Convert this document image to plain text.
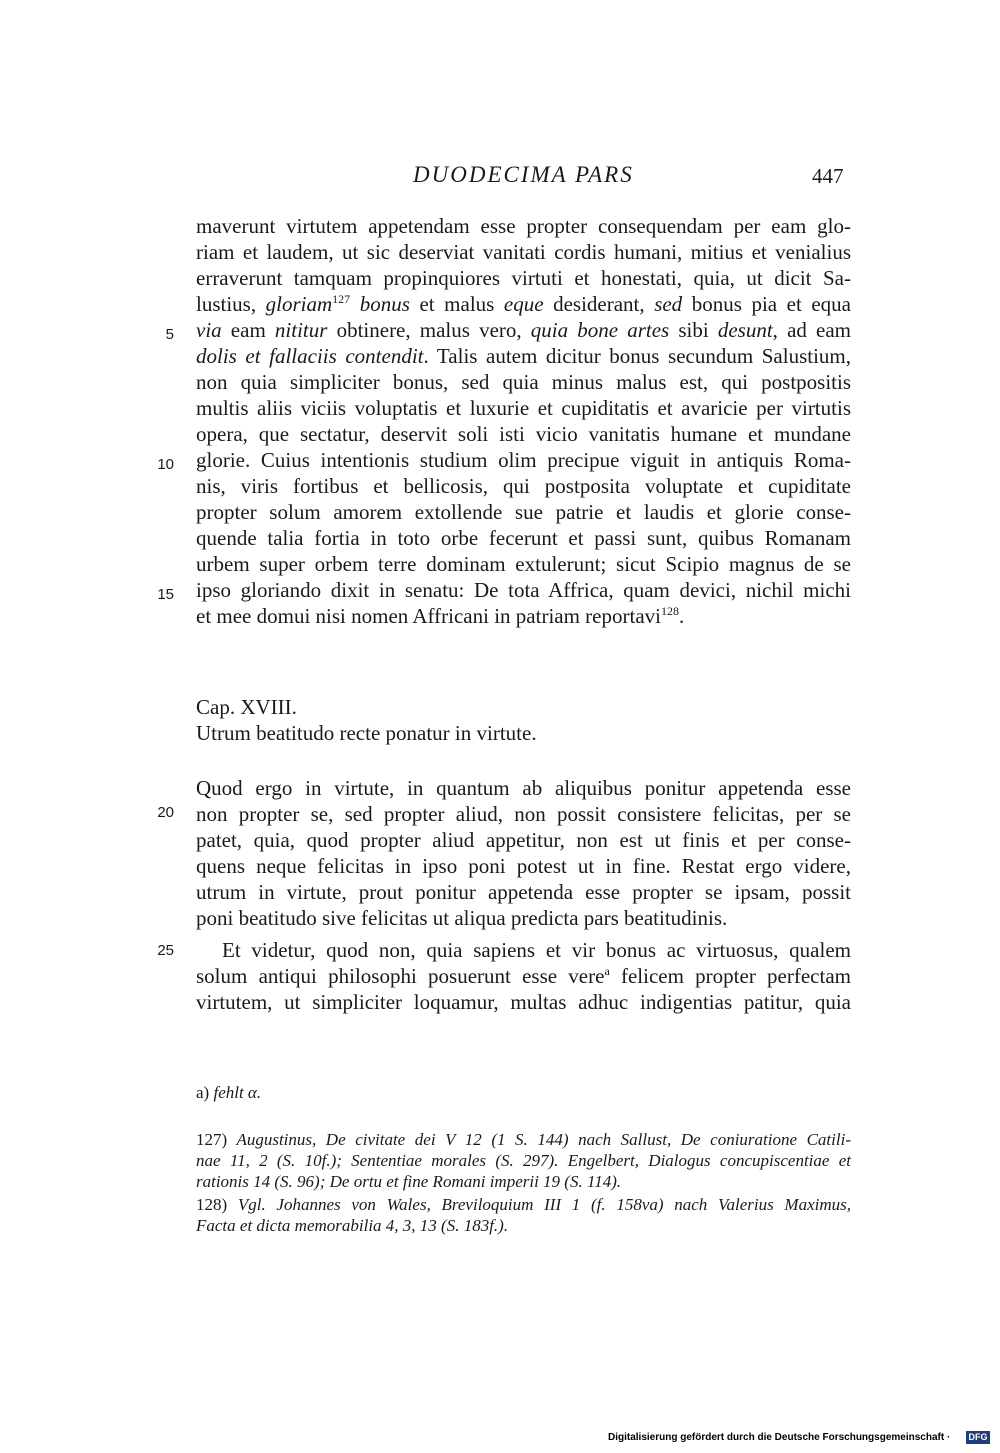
DUODECIMA PARS	447
maverunt virtutem appetendam esse propter consequendam per eam glo-
riam et laudem, ut sic deserviat vanitati cordis humani, mitius et venialius
erraverunt tamquam propinquiores virtuti et honestati, quia, ut dicit Sa-
lustius, gloriam$^{127}$ bonus et malus eque desiderant, sed bonus pia et equa
via eam nititur obtinere, malus vero, quia bone artes sibi desunt, ad eam
dolis et fallaciis contendit. Talis autem dicitur bonus secundum Salustium,
non quia simpliciter bonus, sed quia minus malus est, qui postpositis
multis aliis viciis voluptatis et luxurie et cupiditatis et avaricie per virtutis
opera, que sectatur, deservit soli isti vicio vanitatis humane et mundane
glorie. Cuius intentionis studium olim precipue viguit in antiquis Roma-
nis, viris fortibus et bellicosis, qui postposita voluptate et cupiditate
propter solum amorem extollende sue patrie et laudis et glorie conse-
quende talia fortia in toto orbe fecerunt et passi sunt, quibus Romanam
urbem super orbem terre dominam extulerunt; sicut Scipio magnus de se
ipso gloriando dixit in senatu: De tota Affrica, quam devici, nichil michi
et mee domui nisi nomen Affricani in patriam reportavi$^{128}$.
Cap. XVIII.
Utrum beatitudo recte ponatur in virtute.
Quod ergo in virtute, in quantum ab aliquibus ponitur appetenda esse
non propter se, sed propter aliud, non possit consistere felicitas, per se
patet, quia, quod propter aliud appetitur, non est ut finis et per conse-
quens neque felicitas in ipso poni potest ut in fine. Restat ergo videre,
utrum in virtute, prout ponitur appetenda esse propter se ipsam, possit
poni beatitudo sive felicitas ut aliqua predicta pars beatitudinis.
Et videtur, quod non, quia sapiens et vir bonus ac virtuosus, qualem
solum antiqui philosophi posuerunt esse vere$^a$ felicem propter perfectam
virtutem, ut simpliciter loquamur, multas adhuc indigentias patitur, quia
5
10
15
20
25
a) fehlt α.
127) Augustinus, De civitate dei V 12 (1 S. 144) nach Sallust, De coniuratione Catili-
nae 11, 2 (S. 10f.); Sententiae morales (S. 297). Engelbert, Dialogus concupiscentiae et
rationis 14 (S. 96); De ortu et fine Romani imperii 19 (S. 114).
128) Vgl. Johannes von Wales, Breviloquium III 1 (f. 158va) nach Valerius Maximus,
Facta et dicta memorabilia 4, 3, 13 (S. 183f.).
Digitalisierung gefördert durch die Deutsche Forschungsgemeinschaft · DFG
